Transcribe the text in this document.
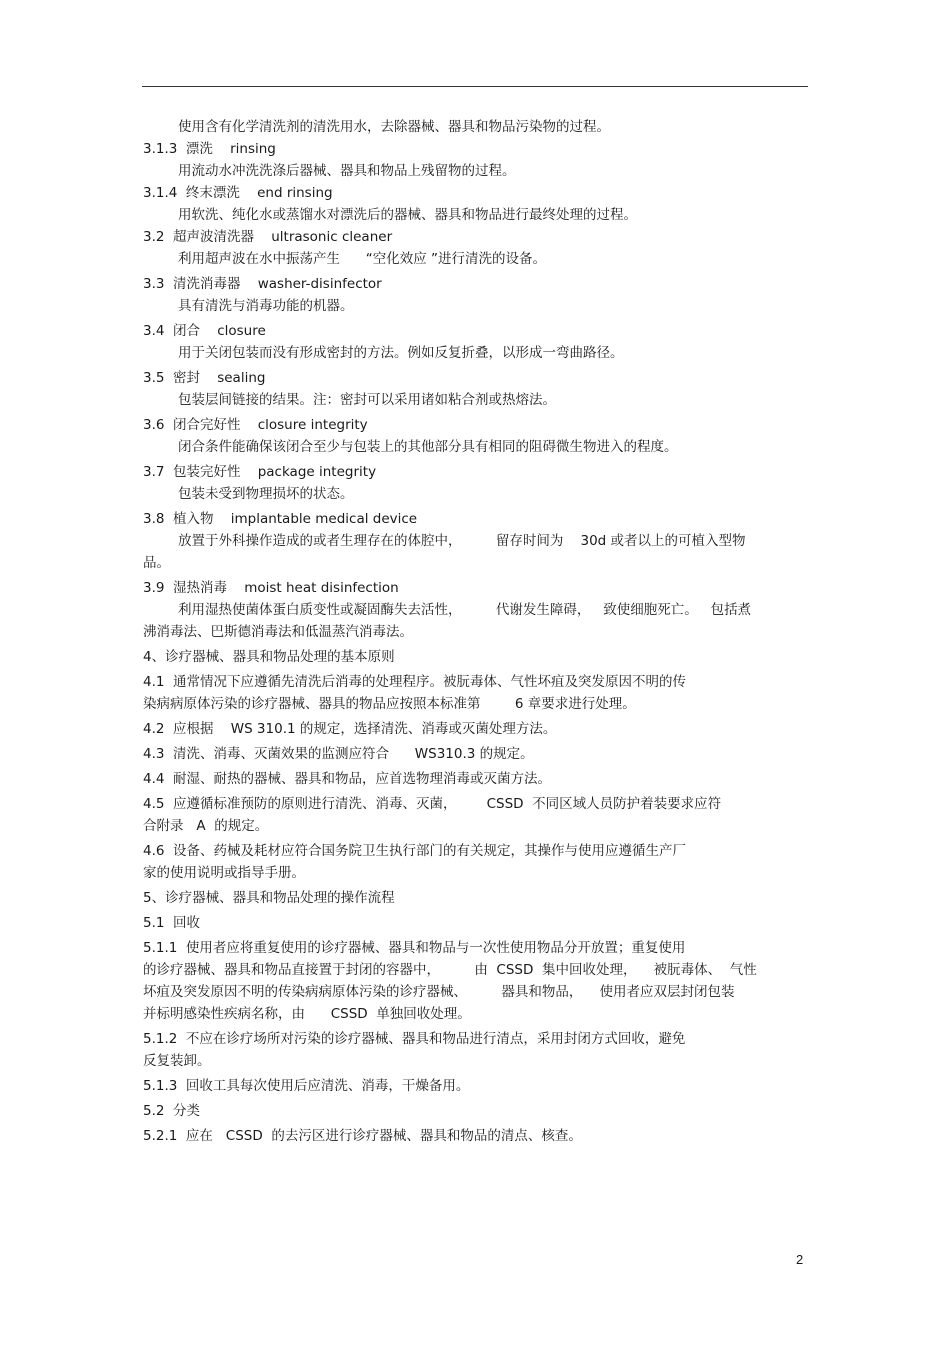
使用含有化学清洗剂的清洗用水，去除器械、器具和物品污染物的过程。
3.1.3  漂洗    rinsing
用流动水冲洗洗涤后器械、器具和物品上残留物的过程。
3.1.4  终末漂洗    end rinsing
用软洗、纯化水或蒸馏水对漂洗后的器械、器具和物品进行最终处理的过程。
3.2  超声波清洗器    ultrasonic cleaner
利用超声波在水中振荡产生      “空化效应 ”进行清洗的设备。
3.3  清洗消毒器    washer-disinfector
具有清洗与消毒功能的机器。
3.4  闭合    closure
用于关闭包装而没有形成密封的方法。例如反复折叠，以形成一弯曲路径。
3.5  密封    sealing
包装层间链接的结果。注：密封可以采用诸如粘合剂或热熔法。
3.6  闭合完好性    closure integrity
闭合条件能确保该闭合至少与包装上的其他部分具有相同的阻碍微生物进入的程度。
3.7  包装完好性    package integrity
包装未受到物理损坏的状态。
3.8  植入物    implantable medical device
放置于外科操作造成的或者生理存在的体腔中，        留存时间为    30d 或者以上的可植入型物
品。
3.9  湿热消毒    moist heat disinfection
利用湿热使菌体蛋白质变性或凝固酶失去活性，        代谢发生障碍，   致使细胞死亡。   包括煮
沸消毒法、巴斯德消毒法和低温蒸汽消毒法。
4、诊疗器械、器具和物品处理的基本原则
4.1  通常情况下应遵循先清洗后消毒的处理程序。被朊毒体、气性坏疽及突发原因不明的传
染病病原体污染的诊疗器械、器具的物品应按照本标准第        6 章要求进行处理。
4.2  应根据    WS 310.1 的规定，选择清洗、消毒或灭菌处理方法。
4.3  清洗、消毒、灭菌效果的监测应符合      WS310.3 的规定。
4.4  耐湿、耐热的器械、器具和物品，应首选物理消毒或灭菌方法。
4.5  应遵循标准预防的原则进行清洗、消毒、灭菌，       CSSD  不同区域人员防护着装要求应符
合附录   A  的规定。
4.6  设备、药械及耗材应符合国务院卫生执行部门的有关规定，其操作与使用应遵循生产厂
家的使用说明或指导手册。
5、诊疗器械、器具和物品处理的操作流程
5.1  回收
5.1.1  使用者应将重复使用的诊疗器械、器具和物品与一次性使用物品分开放置；重复使用
的诊疗器械、器具和物品直接置于封闭的容器中，        由  CSSD  集中回收处理，    被朊毒体、  气性
坏疽及突发原因不明的传染病病原体污染的诊疗器械、        器具和物品，    使用者应双层封闭包装
并标明感染性疾病名称，由      CSSD  单独回收处理。
5.1.2  不应在诊疗场所对污染的诊疗器械、器具和物品进行清点，采用封闭方式回收，避免
反复装卸。
5.1.3  回收工具每次使用后应清洗、消毒，干燥备用。
5.2  分类
5.2.1  应在   CSSD  的去污区进行诊疗器械、器具和物品的清点、核查。
2
